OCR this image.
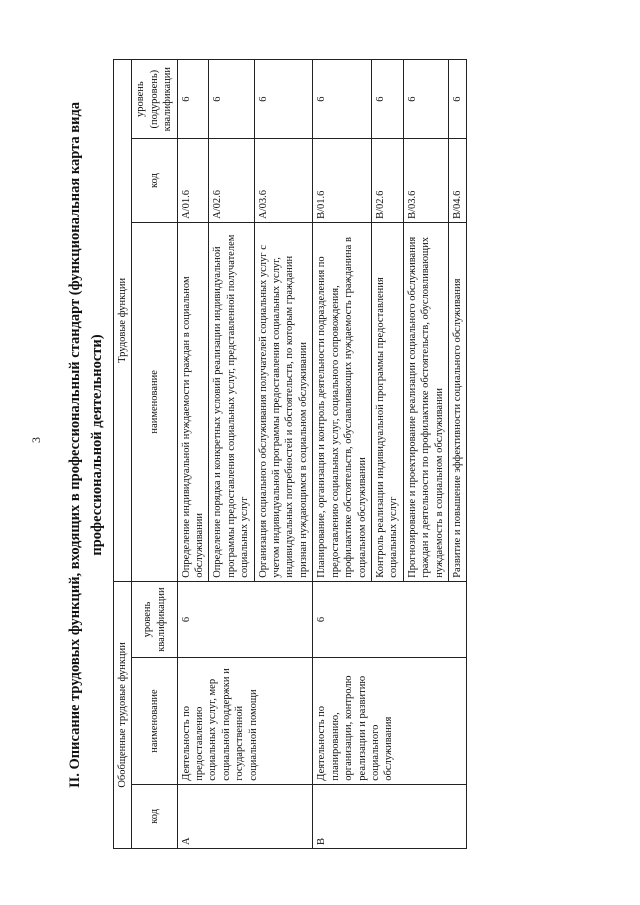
3 II. Описание трудовых функций, входящих в профессиональный стандарт (функциональная карта вида профессиональной деятельности)
Обобщенные трудовые функции			Трудовые функции		
код	наименование	уровень квалификации	наименование	код	уровень (подуровень) квалификации
A	Деятельность по предоставлению социальных услуг, мер социальной поддержки и государственной социальной помощи	6	Определение индивидуальной нуждаемости граждан в социальном обслуживании	A/01.6	6
			Определение порядка и конкретных условий реализации индивидуальной программы предоставления социальных услуг, представленной получателем социальных услуг	A/02.6	6
			Организация социального обслуживания получателей социальных услуг с учетом индивидуальной программы предоставления социальных услуг, индивидуальных потребностей и обстоятельств, по которым гражданин признан нуждающимся в социальном обслуживании	A/03.6	6
B	Деятельность по планированию, организации, контролю реализации и развитию социального обслуживания	6	Планирование, организация и контроль деятельности подразделения по предоставлению социальных услуг, социального сопровождения, профилактике обстоятельств, обуславливающих нуждаемость гражданина в социальном обслуживании	B/01.6	6
			Контроль реализации индивидуальной программы предоставления социальных услуг	B/02.6	6
			Прогнозирование и проектирование реализации социального обслуживания граждан и деятельности по профилактике обстоятельств, обусловливающих нуждаемость в социальном обслуживании	B/03.6	6
			Развитие и повышение эффективности социального обслуживания	B/04.6	6
